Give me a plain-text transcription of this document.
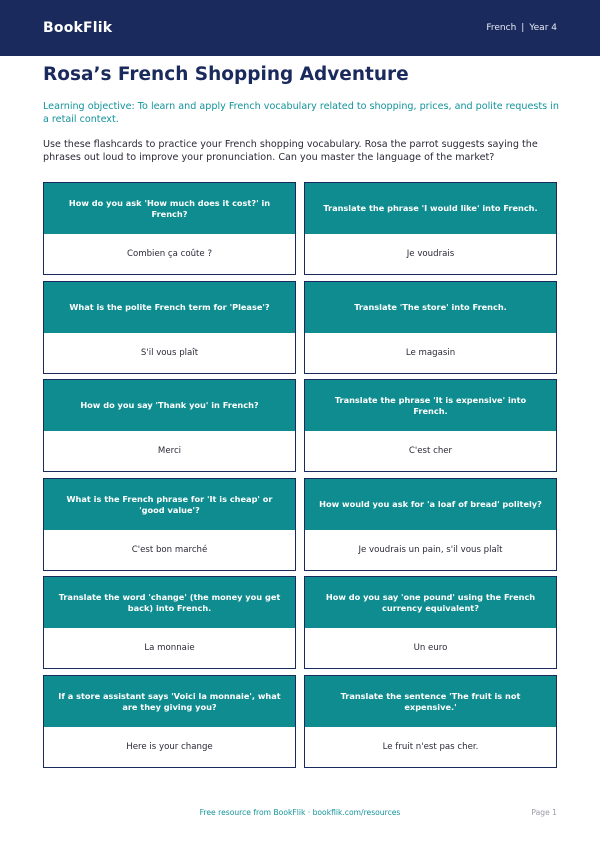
BookFlik	French | Year 4
Rosa’s French Shopping Adventure

Learning objective: To learn and apply French vocabulary related to shopping, prices, and polite requests in a retail context.

Use these flashcards to practice your French shopping vocabulary. Rosa the parrot suggests saying the phrases out loud to improve your pronunciation. Can you master the language of the market?

How do you ask 'How much does it cost?' in French?
Combien ça coûte ?
Translate the phrase 'I would like' into French.
Je voudrais
What is the polite French term for 'Please'?
S'il vous plaît
Translate 'The store' into French.
Le magasin
How do you say 'Thank you' in French?
Merci
Translate the phrase 'It is expensive' into French.
C'est cher
What is the French phrase for 'It is cheap' or 'good value'?
C'est bon marché
How would you ask for 'a loaf of bread' politely?
Je voudrais un pain, s'il vous plaît
Translate the word 'change' (the money you get back) into French.
La monnaie
How do you say 'one pound' using the French currency equivalent?
Un euro
If a store assistant says 'Voici la monnaie', what are they giving you?
Here is your change
Translate the sentence 'The fruit is not expensive.'
Le fruit n'est pas cher.
Free resource from BookFlik · bookflik.com/resources	Page 1
